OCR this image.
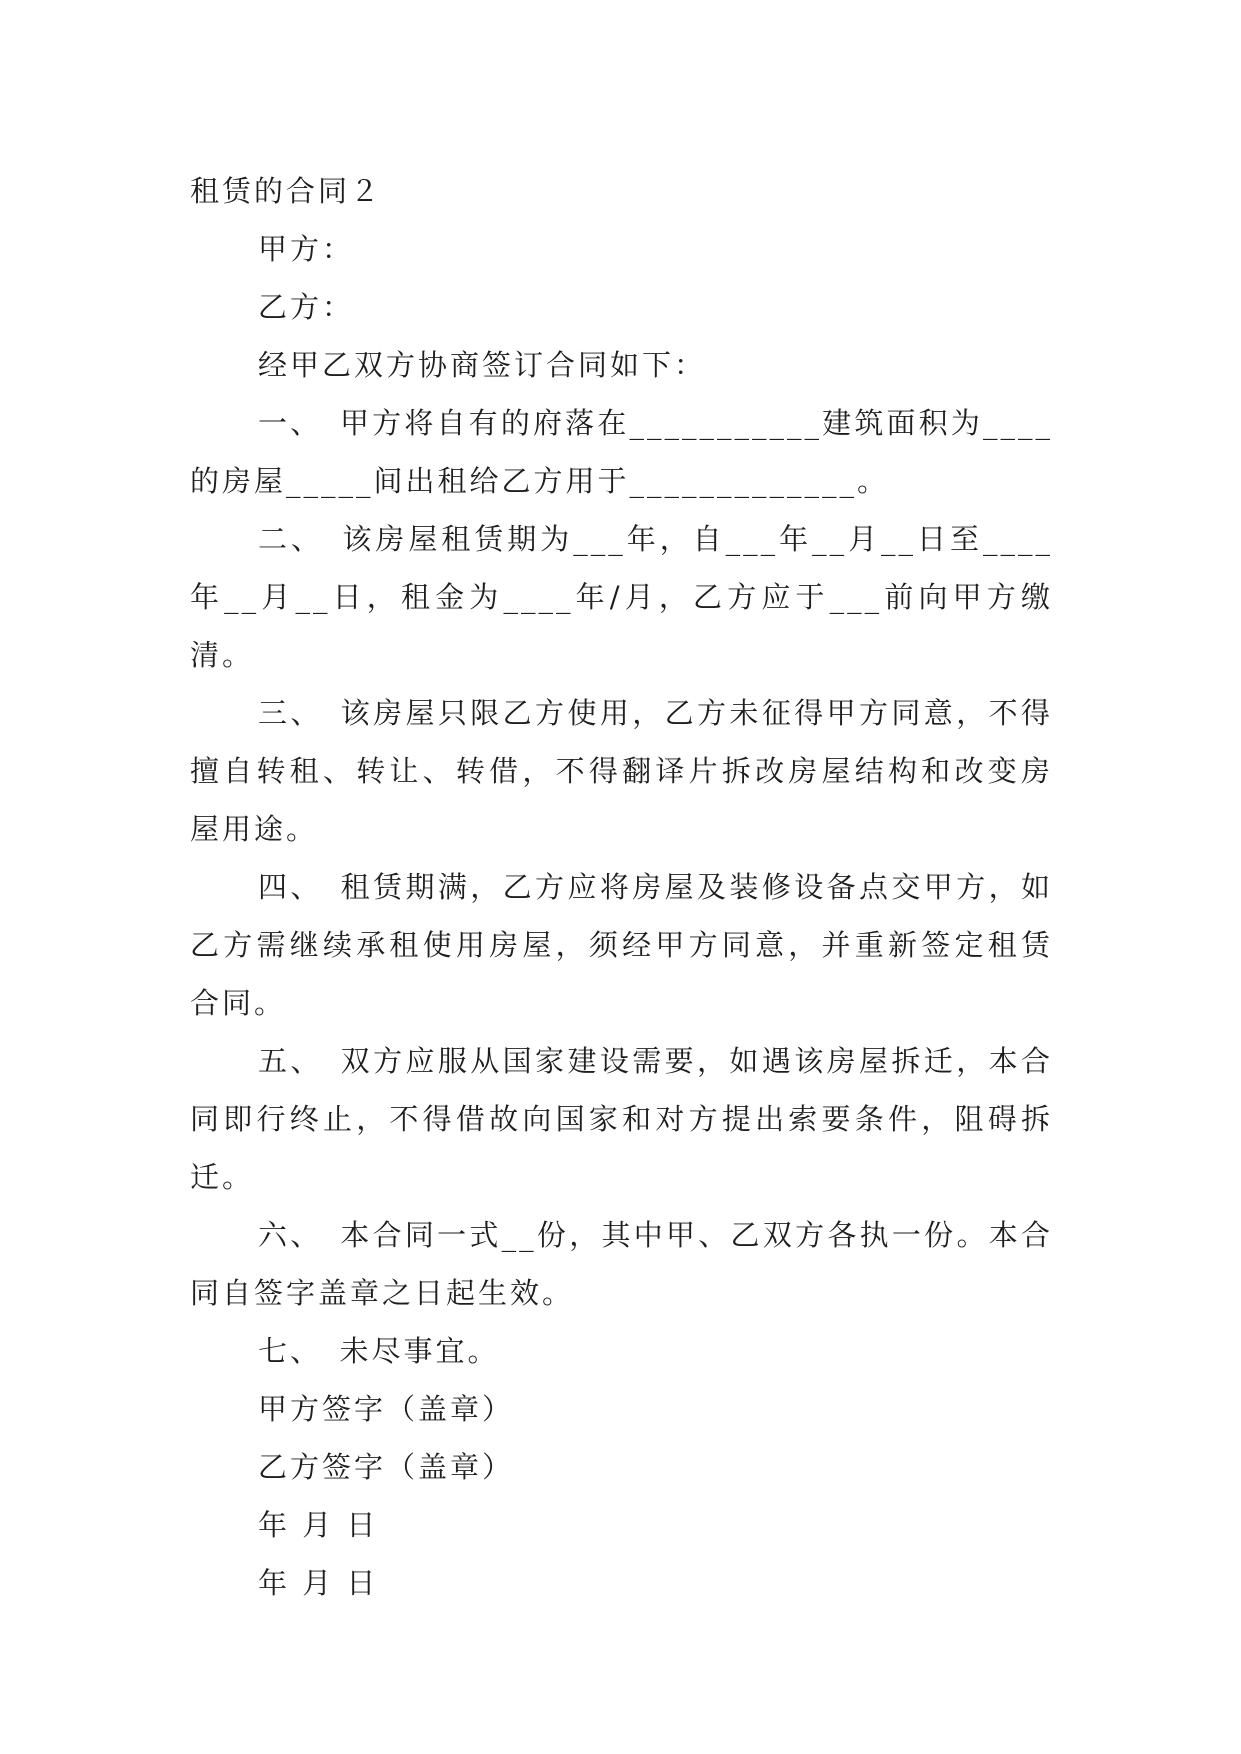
租赁的合同２

甲方：

乙方：

经甲乙双方协商签订合同如下：

一、　甲方将自有的府落在___________建筑面积为____的房屋_____间出租给乙方用于_____________。

二、　该房屋租赁期为___年，自___年__月__日至____年__月__日，租金为____年/月，乙方应于___前向甲方缴清。

三、　该房屋只限乙方使用，乙方未征得甲方同意，不得擅自转租、转让、转借，不得翻译片拆改房屋结构和改变房屋用途。

四、　租赁期满，乙方应将房屋及装修设备点交甲方，如乙方需继续承租使用房屋，须经甲方同意，并重新签定租赁合同。

五、　双方应服从国家建设需要，如遇该房屋拆迁，本合同即行终止，不得借故向国家和对方提出索要条件，阻碍拆迁。

六、　本合同一式__份，其中甲、乙双方各执一份。本合同自签字盖章之日起生效。

七、　未尽事宜。

甲方签字（盖章）

乙方签字（盖章）

年 月 日

年 月 日
